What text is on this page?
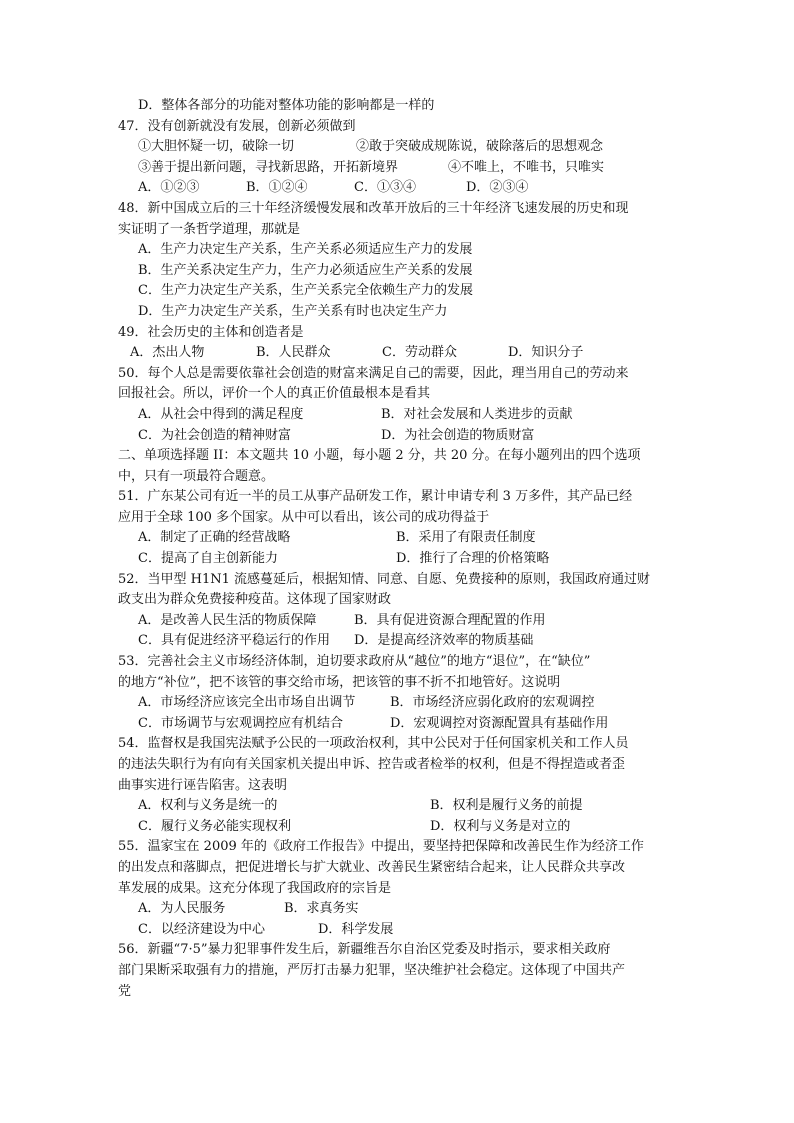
D．整体各部分的功能对整体功能的影响都是一样的
47．没有创新就没有发展，创新必须做到
①大胆怀疑一切，破除一切	②敢于突破成规陈说，破除落后的思想观念
③善于提出新问题，寻找新思路，开拓新境界	④不唯上，不唯书，只唯实
A．①②③	B．①②④	C．①③④	D．②③④
48．新中国成立后的三十年经济缓慢发展和改革开放后的三十年经济飞速发展的历史和现
实证明了一条哲学道理，那就是
A．生产力决定生产关系，生产关系必须适应生产力的发展
B．生产关系决定生产力，生产力必须适应生产关系的发展
C．生产力决定生产关系，生产关系完全依赖生产力的发展
D．生产力决定生产关系，生产关系有时也决定生产力
49．社会历史的主体和创造者是
A．杰出人物	B．人民群众	C．劳动群众	D．知识分子
50．每个人总是需要依靠社会创造的财富来满足自己的需要，因此，理当用自己的劳动来
回报社会。所以，评价一个人的真正价值最根本是看其
A．从社会中得到的满足程度	B．对社会发展和人类进步的贡献
C．为社会创造的精神财富	D．为社会创造的物质财富
二、单项选择题 II：本文题共 10 小题，每小题 2 分，共 20 分。在每小题列出的四个选项
中，只有一项最符合题意。
51．广东某公司有近一半的员工从事产品研发工作，累计申请专利 3 万多件，其产品已经
应用于全球 100 多个国家。从中可以看出，该公司的成功得益于
A．制定了正确的经营战略	B．采用了有限责任制度
C．提高了自主创新能力	D．推行了合理的价格策略
52．当甲型 H1N1 流感蔓延后，根据知情、同意、自愿、免费接种的原则，我国政府通过财
政支出为群众免费接种疫苗。这体现了国家财政
A．是改善人民生活的物质保障	B．具有促进资源合理配置的作用
C．具有促进经济平稳运行的作用	D．是提高经济效率的物质基础
53．完善社会主义市场经济体制，迫切要求政府从“越位”的地方“退位”，在“缺位”
的地方“补位”，把不该管的事交给市场，把该管的事不折不扣地管好。这说明
A．市场经济应该完全出市场自出调节	B．市场经济应弱化政府的宏观调控
C．市场调节与宏观调控应有机结合	D．宏观调控对资源配置具有基础作用
54．监督权是我国宪法赋予公民的一项政治权利，其中公民对于任何国家机关和工作人员
的违法失职行为有向有关国家机关提出申诉、控告或者检举的权利，但是不得捏造或者歪
曲事实进行诬告陷害。这表明
A．权利与义务是统一的	B．权利是履行义务的前提
C．履行义务必能实现权利	D．权利与义务是对立的
55．温家宝在 2009 年的《政府工作报告》中提出，要坚持把保障和改善民生作为经济工作
的出发点和落脚点，把促进增长与扩大就业、改善民生紧密结合起来，让人民群众共享改
革发展的成果。这充分体现了我国政府的宗旨是
A．为人民服务	B．求真务实
C．以经济建设为中心	D．科学发展
56．新疆“7·5”暴力犯罪事件发生后，新疆维吾尔自治区党委及时指示，要求相关政府
部门果断采取强有力的措施，严厉打击暴力犯罪，坚决维护社会稳定。这体现了中国共产
党
